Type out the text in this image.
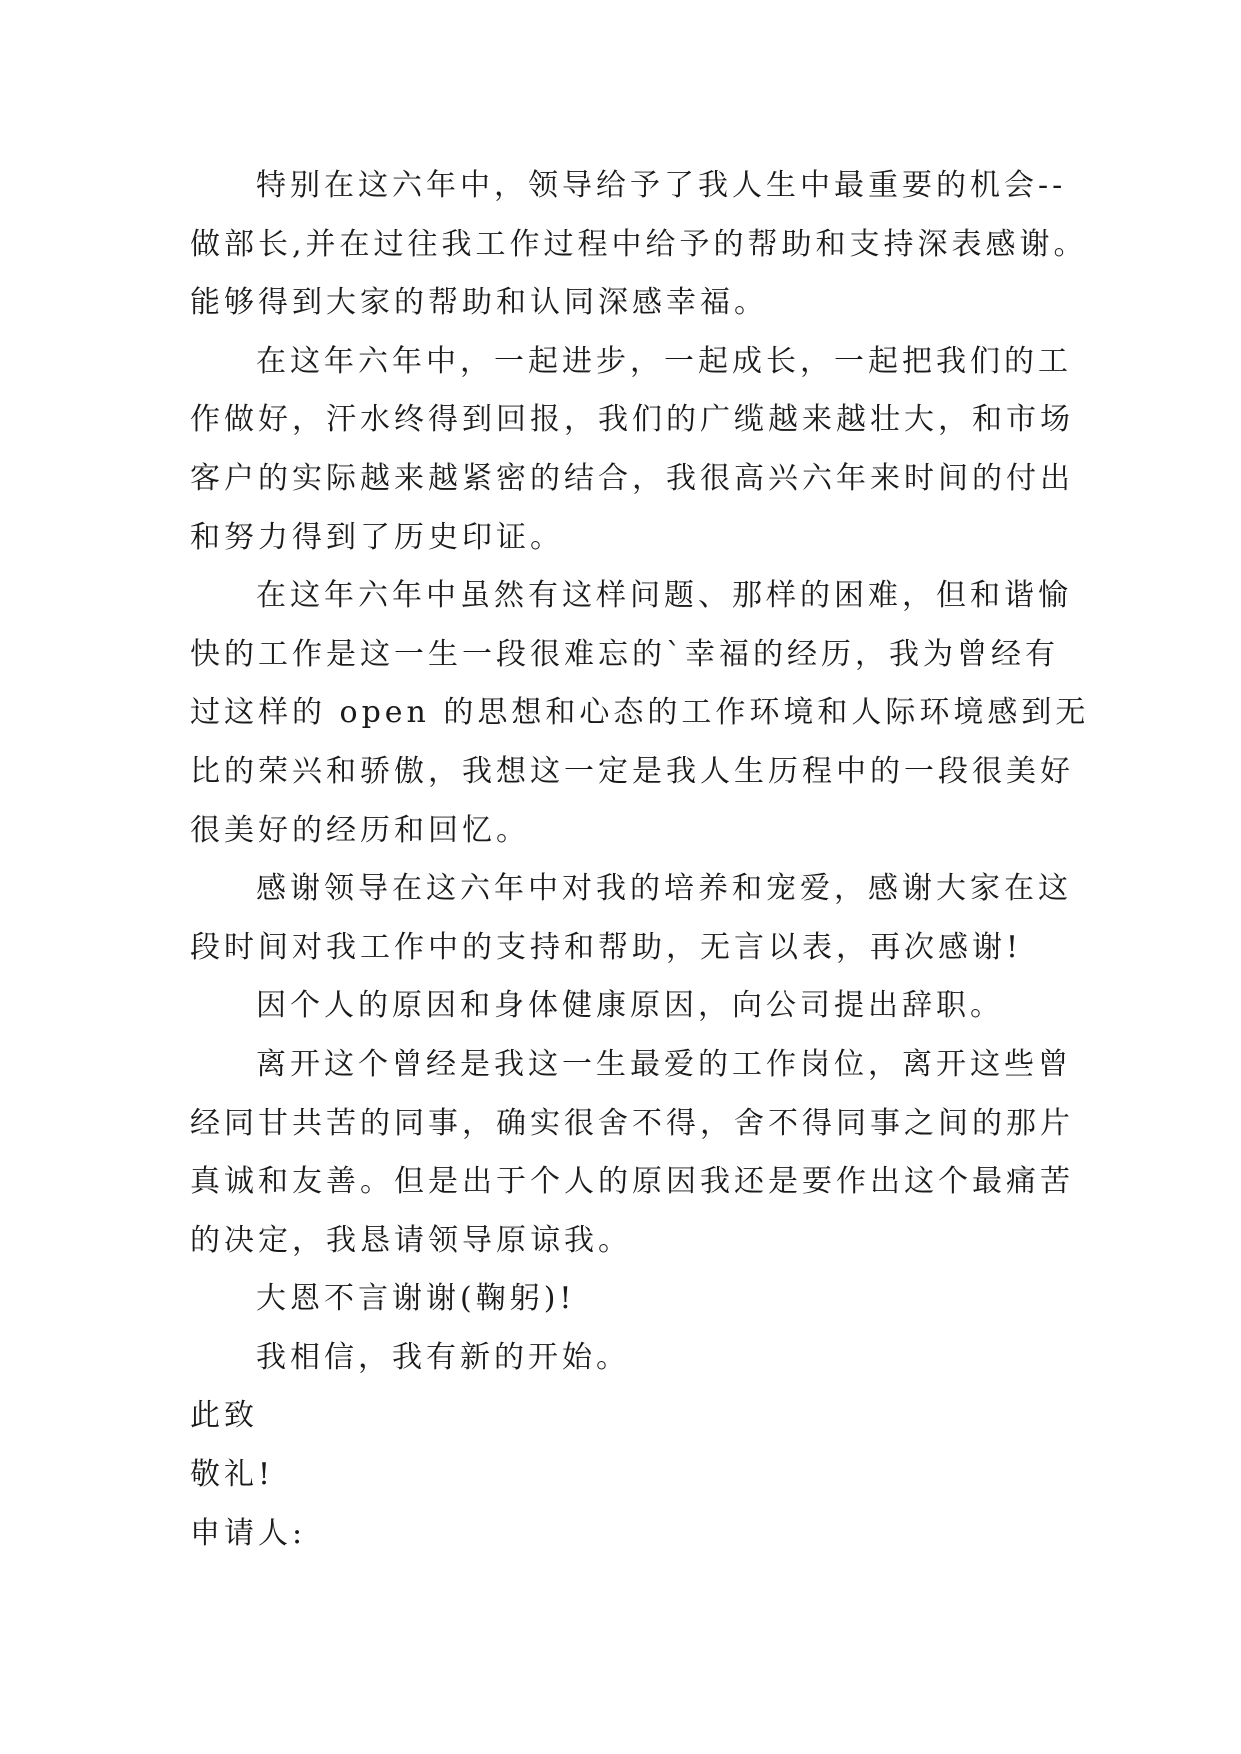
特别在这六年中，领导给予了我人生中最重要的机会--
做部长,并在过往我工作过程中给予的帮助和支持深表感谢。
能够得到大家的帮助和认同深感幸福。
在这年六年中，一起进步，一起成长，一起把我们的工
作做好，汗水终得到回报，我们的广缆越来越壮大，和市场
客户的实际越来越紧密的结合，我很高兴六年来时间的付出
和努力得到了历史印证。
在这年六年中虽然有这样问题、那样的困难，但和谐愉
快的工作是这一生一段很难忘的`幸福的经历，我为曾经有
过这样的 open 的思想和心态的工作环境和人际环境感到无
比的荣兴和骄傲，我想这一定是我人生历程中的一段很美好
很美好的经历和回忆。
感谢领导在这六年中对我的培养和宠爱，感谢大家在这
段时间对我工作中的支持和帮助，无言以表，再次感谢!
因个人的原因和身体健康原因，向公司提出辞职。
离开这个曾经是我这一生最爱的工作岗位，离开这些曾
经同甘共苦的同事，确实很舍不得，舍不得同事之间的那片
真诚和友善。但是出于个人的原因我还是要作出这个最痛苦
的决定，我恳请领导原谅我。
大恩不言谢谢(鞠躬)!
我相信，我有新的开始。
此致
敬礼!
申请人:
